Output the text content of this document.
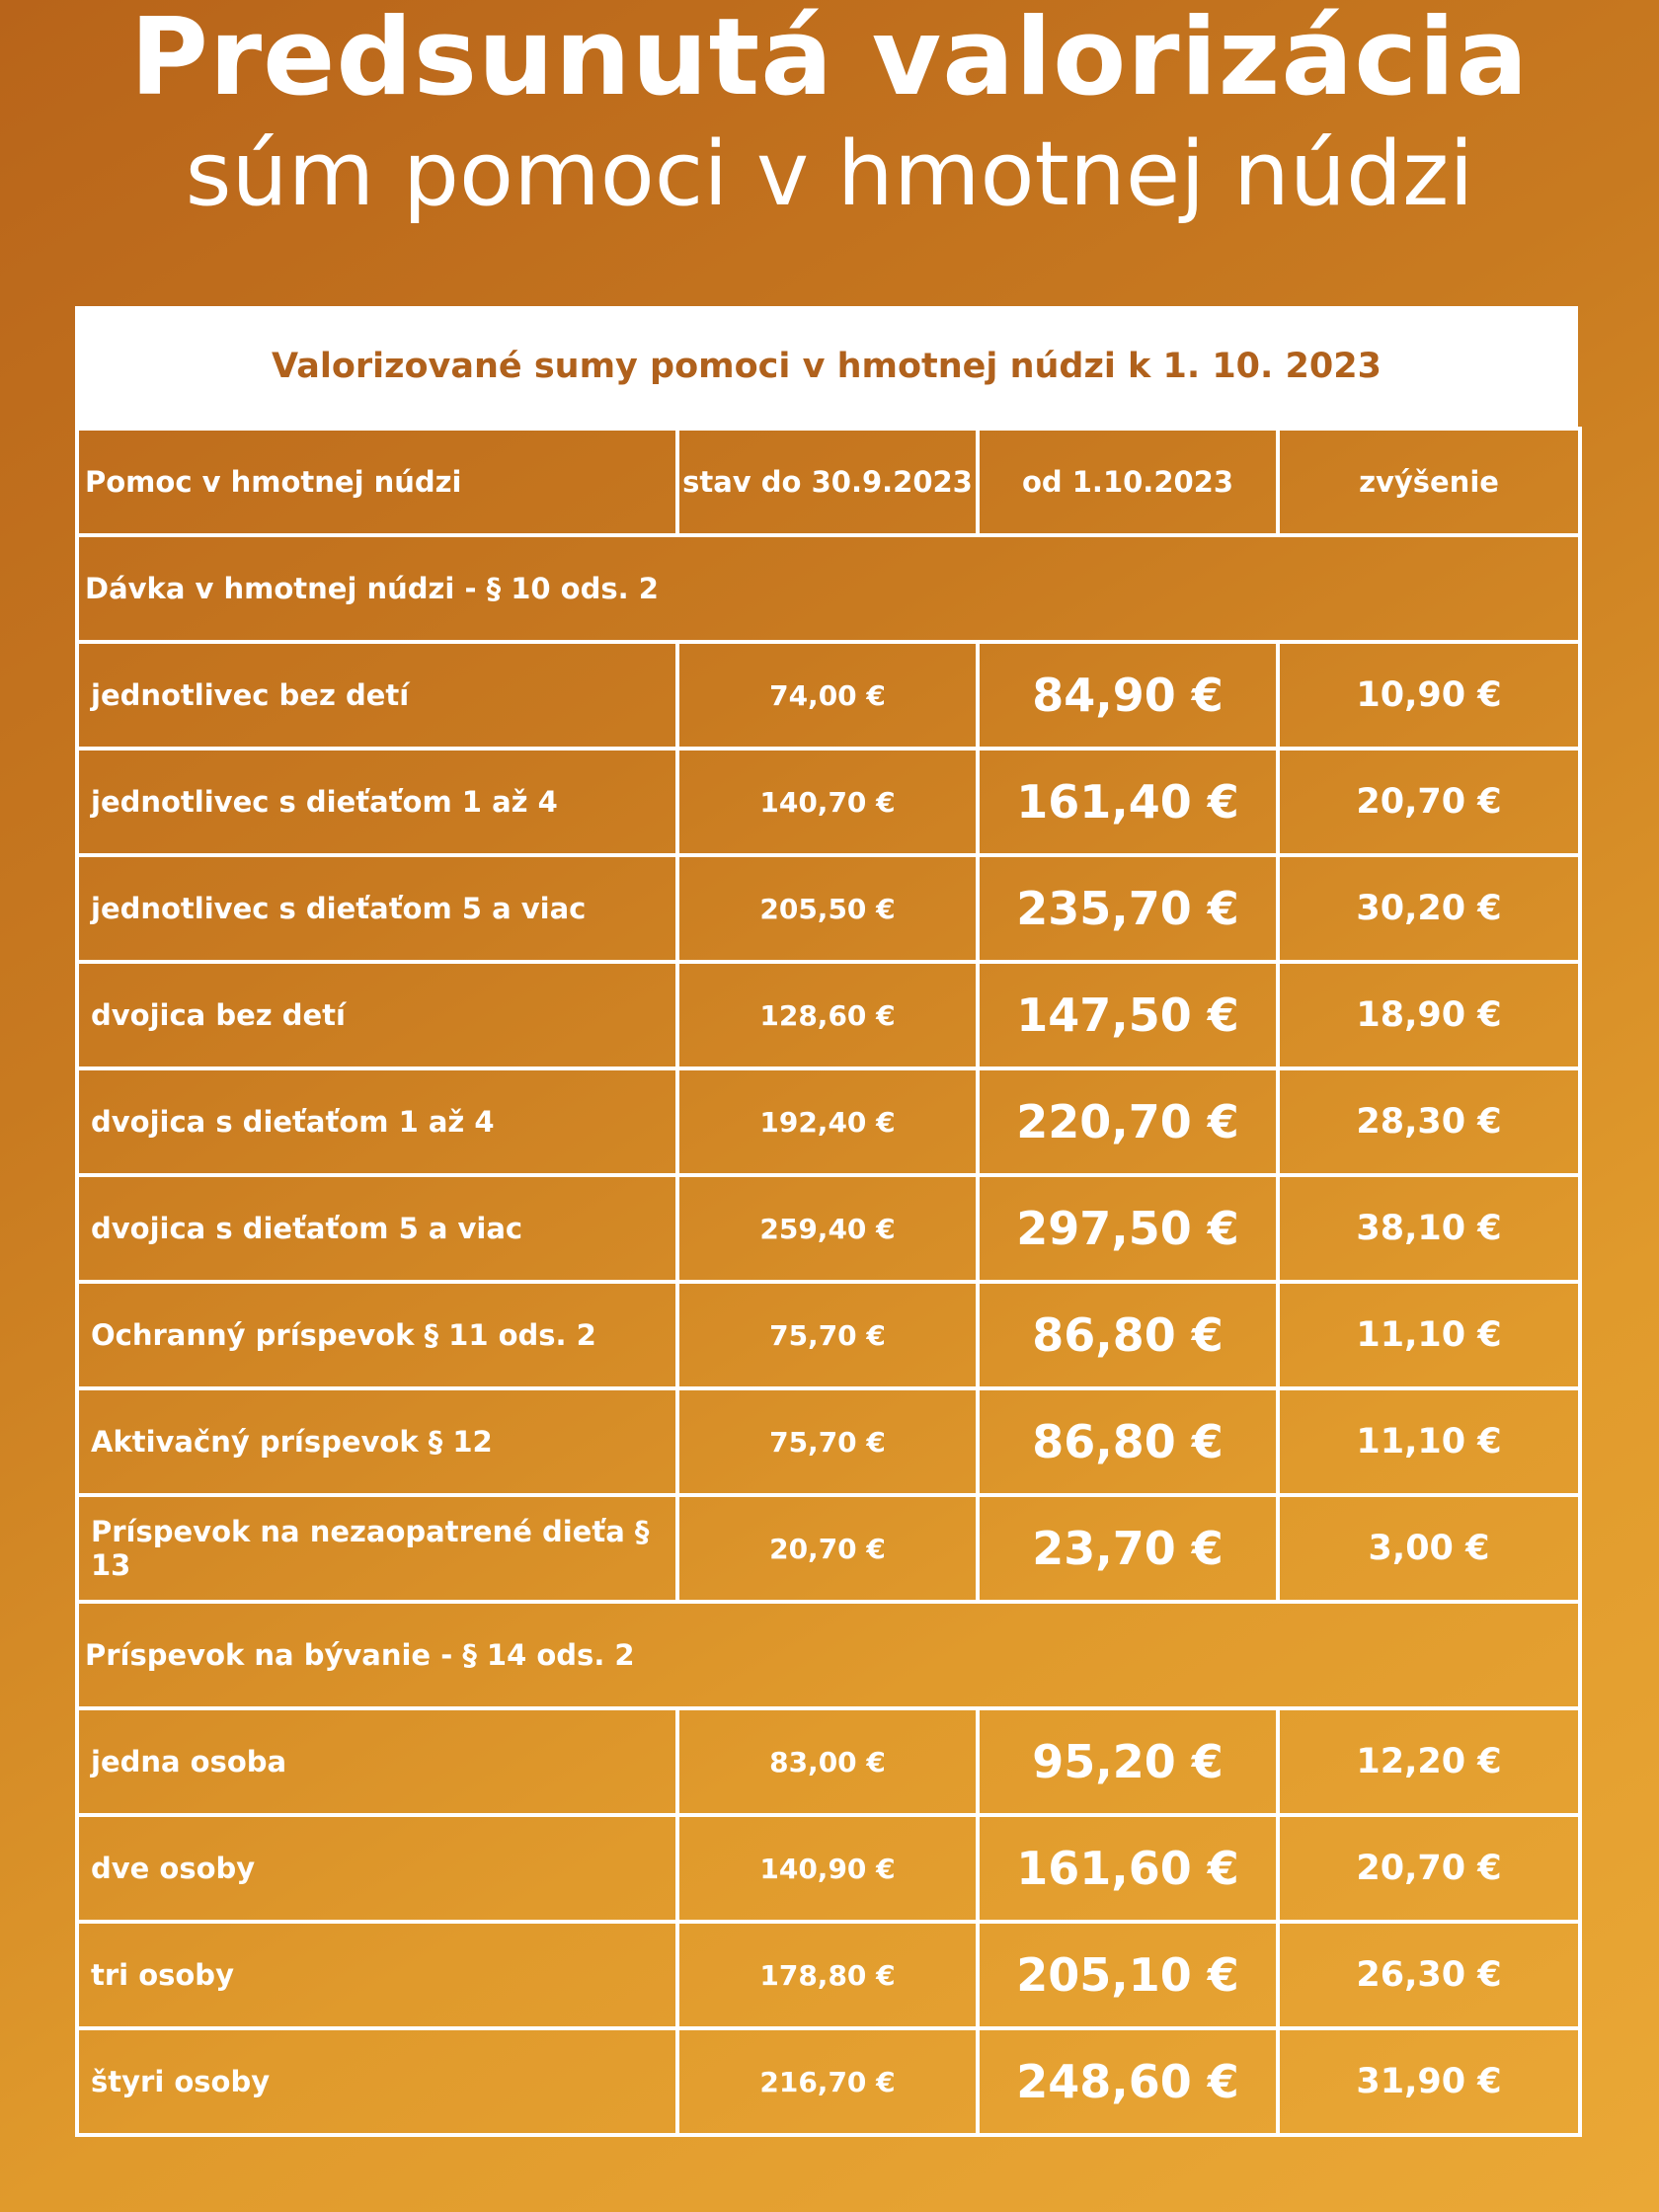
Predsunutá valorizácia
súm pomoci v hmotnej núdzi
Valorizované sumy pomoci v hmotnej núdzi k 1. 10. 2023
Pomoc v hmotnej núdzi	stav do 30.9.2023	od 1.10.2023	zvýšenie
Dávka v hmotnej núdzi - § 10 ods. 2			
jednotlivec bez detí	74,00 €	84,90 €	10,90 €
jednotlivec s dieťaťom 1 až 4	140,70 €	161,40 €	20,70 €
jednotlivec s dieťaťom 5 a viac	205,50 €	235,70 €	30,20 €
dvojica bez detí	128,60 €	147,50 €	18,90 €
dvojica s dieťaťom 1 až 4	192,40 €	220,70 €	28,30 €
dvojica s dieťaťom 5 a viac	259,40 €	297,50 €	38,10 €
Ochranný príspevok § 11 ods. 2	75,70 €	86,80 €	11,10 €
Aktivačný príspevok § 12	75,70 €	86,80 €	11,10 €
Príspevok na nezaopatrené dieťa § 13	20,70 €	23,70 €	3,00 €
Príspevok na bývanie - § 14 ods. 2			
jedna osoba	83,00 €	95,20 €	12,20 €
dve osoby	140,90 €	161,60 €	20,70 €
tri osoby	178,80 €	205,10 €	26,30 €
štyri osoby	216,70 €	248,60 €	31,90 €
